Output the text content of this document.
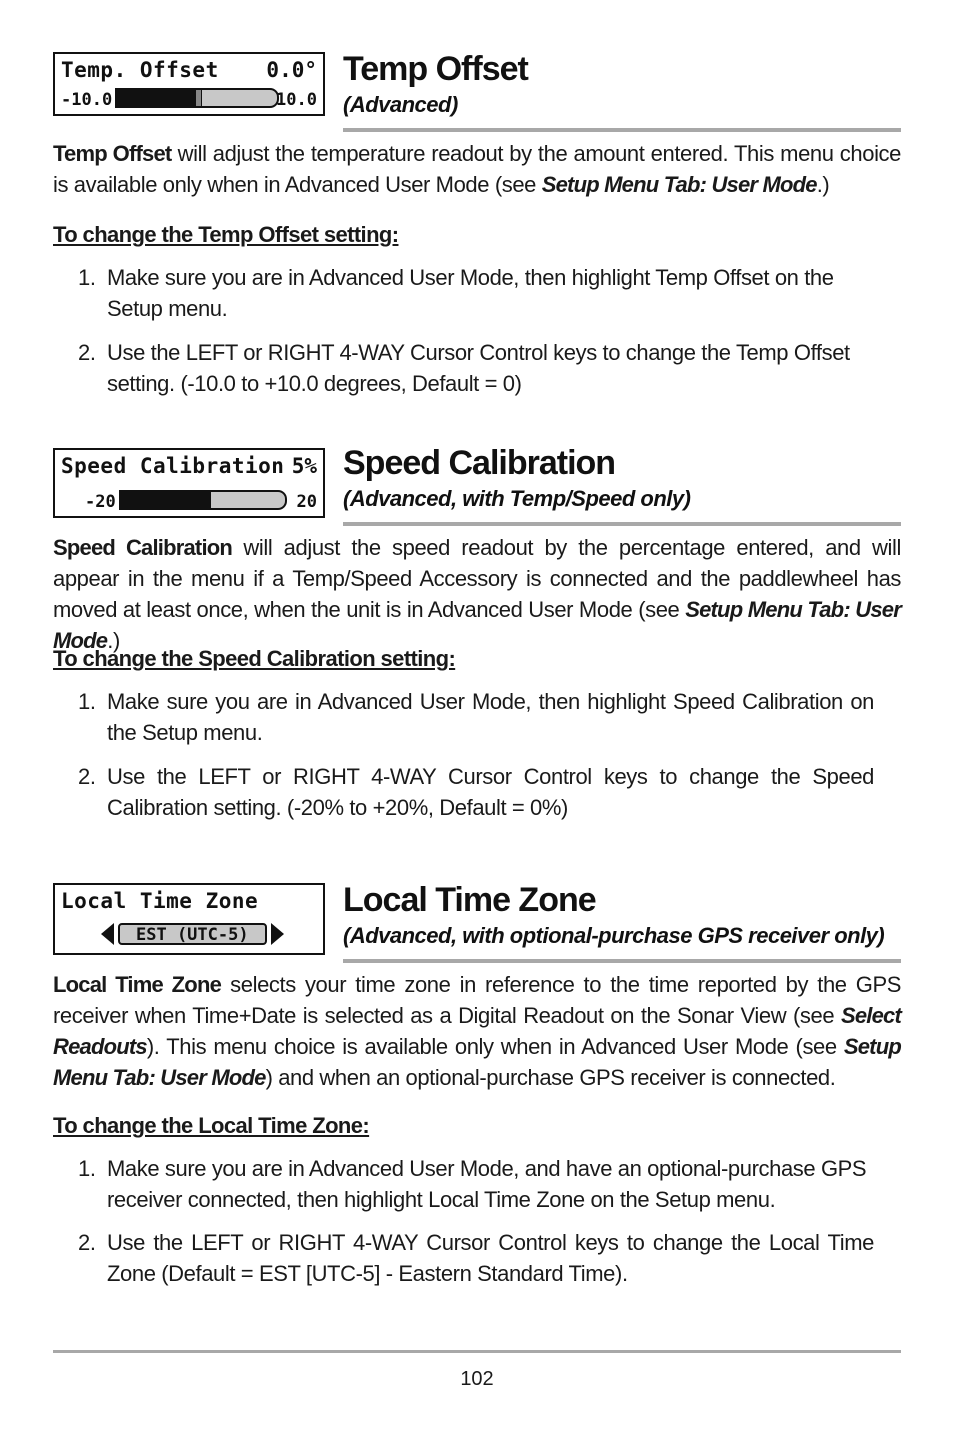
Temp. Offset 0.0°
-10.0	10.0
Temp Offset
(Advanced)
Temp Offset will adjust the temperature readout by the amount entered. This menu choice is available only when in Advanced User Mode (see Setup Menu Tab: User Mode.)
To change the Temp Offset setting:
1. Make sure you are in Advanced User Mode, then highlight Temp Offset on the Setup menu.
2. Use the LEFT or RIGHT 4-WAY Cursor Control keys to change the Temp Offset setting. (-10.0 to +10.0 degrees, Default = 0)
Speed Calibration 5%
-20	20
Speed Calibration
(Advanced, with Temp/Speed only)
Speed Calibration will adjust the speed readout by the percentage entered, and will appear in the menu if a Temp/Speed Accessory is connected and the paddlewheel has moved at least once, when the unit is in Advanced User Mode (see Setup Menu Tab: User Mode.)
To change the Speed Calibration setting:
1. Make sure you are in Advanced User Mode, then highlight Speed Calibration on the Setup menu.
2. Use the LEFT or RIGHT 4-WAY Cursor Control keys to change the Speed Calibration setting. (-20% to +20%, Default = 0%)
Local Time Zone
EST (UTC-5)
Local Time Zone
(Advanced, with optional-purchase GPS receiver only)
Local Time Zone selects your time zone in reference to the time reported by the GPS receiver when Time+Date is selected as a Digital Readout on the Sonar View (see Select Readouts). This menu choice is available only when in Advanced User Mode (see Setup Menu Tab: User Mode) and when an optional-purchase GPS receiver is connected.
To change the Local Time Zone:
1. Make sure you are in Advanced User Mode, and have an optional-purchase GPS receiver connected, then highlight Local Time Zone on the Setup menu.
2. Use the LEFT or RIGHT 4-WAY Cursor Control keys to change the Local Time Zone (Default = EST [UTC-5] - Eastern Standard Time).
102
